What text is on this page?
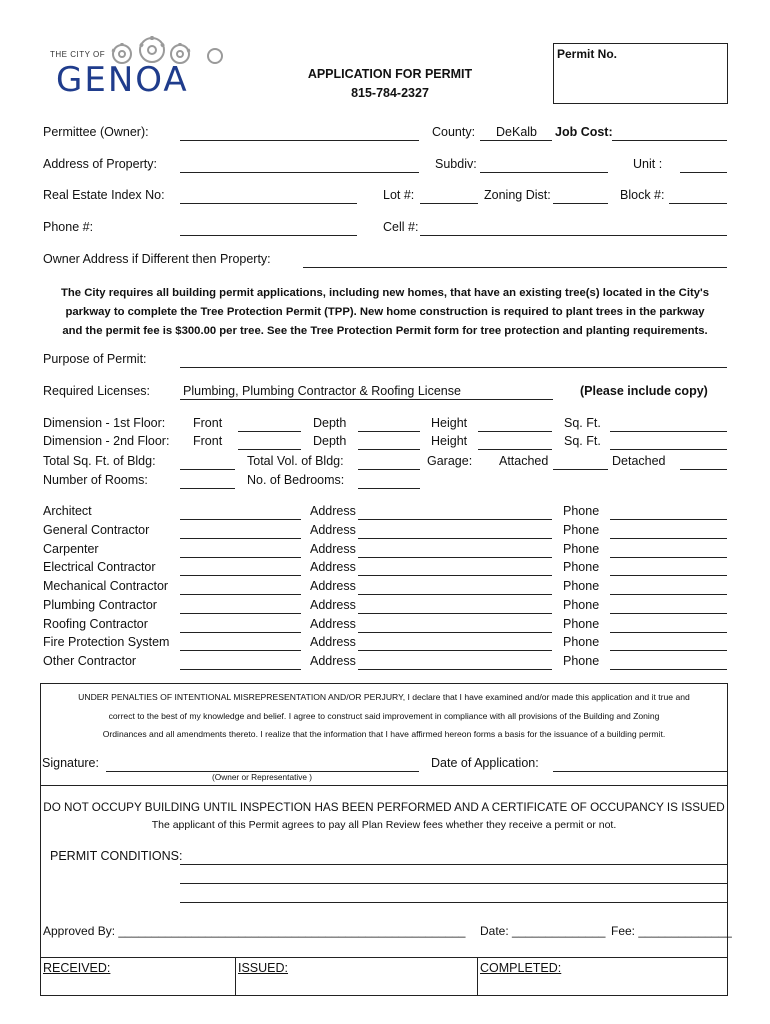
THE CITY OF
GENOA	APPLICATION FOR PERMIT
815-784-2327
Permit No.
Permittee (Owner):	County: DeKalb Job Cost:
Address of Property:	Subdiv:	Unit :
Real Estate Index No:	Lot #:	Zoning Dist:	Block #:
Phone #:	Cell #:
Owner Address if Different then Property:
The City requires all building permit applications, including new homes, that have an existing tree(s) located in the City's
parkway to complete the Tree Protection Permit (TPP). New home construction is required to plant trees in the parkway
and the permit fee is $300.00 per tree. See the Tree Protection Permit form for tree protection and planting requirements.
Purpose of Permit:
Required Licenses:	Plumbing, Plumbing Contractor & Roofing License	(Please include copy)
Dimension - 1st Floor: Front	Depth	Height	Sq. Ft.
Dimension - 2nd Floor: Front	Depth	Height	Sq. Ft.
Total Sq. Ft. of Bldg:	Total Vol. of Bldg:	Garage: Attached	Detached
Number of Rooms:	No. of Bedrooms:
Architect	Address	Phone
General Contractor	Address	Phone
Carpenter	Address	Phone
Electrical Contractor	Address	Phone
Mechanical Contractor	Address	Phone
Plumbing Contractor	Address	Phone
Roofing Contractor	Address	Phone
Fire Protection System	Address	Phone
Other Contractor	Address	Phone
UNDER PENALTIES OF INTENTIONAL MISREPRESENTATION AND/OR PERJURY, I declare that I have examined and/or made this application and it true and
correct to the best of my knowledge and belief. I agree to construct said improvement in compliance with all provisions of the Building and Zoning
Ordinances and all amendments thereto. I realize that the information that I have affirmed hereon forms a basis for the issuance of a building permit.
Signature:
(Owner or Representative )
Date of Application:
DO NOT OCCUPY BUILDING UNTIL INSPECTION HAS BEEN PERFORMED AND A CERTIFICATE OF OCCUPANCY IS ISSUED
The applicant of this Permit agrees to pay all Plan Review fees whether they receive a permit or not.
PERMIT CONDITIONS:
Approved By: ____________________________________________________ Date: ______________ Fee: ______________
RECEIVED:	ISSUED:	COMPLETED:
